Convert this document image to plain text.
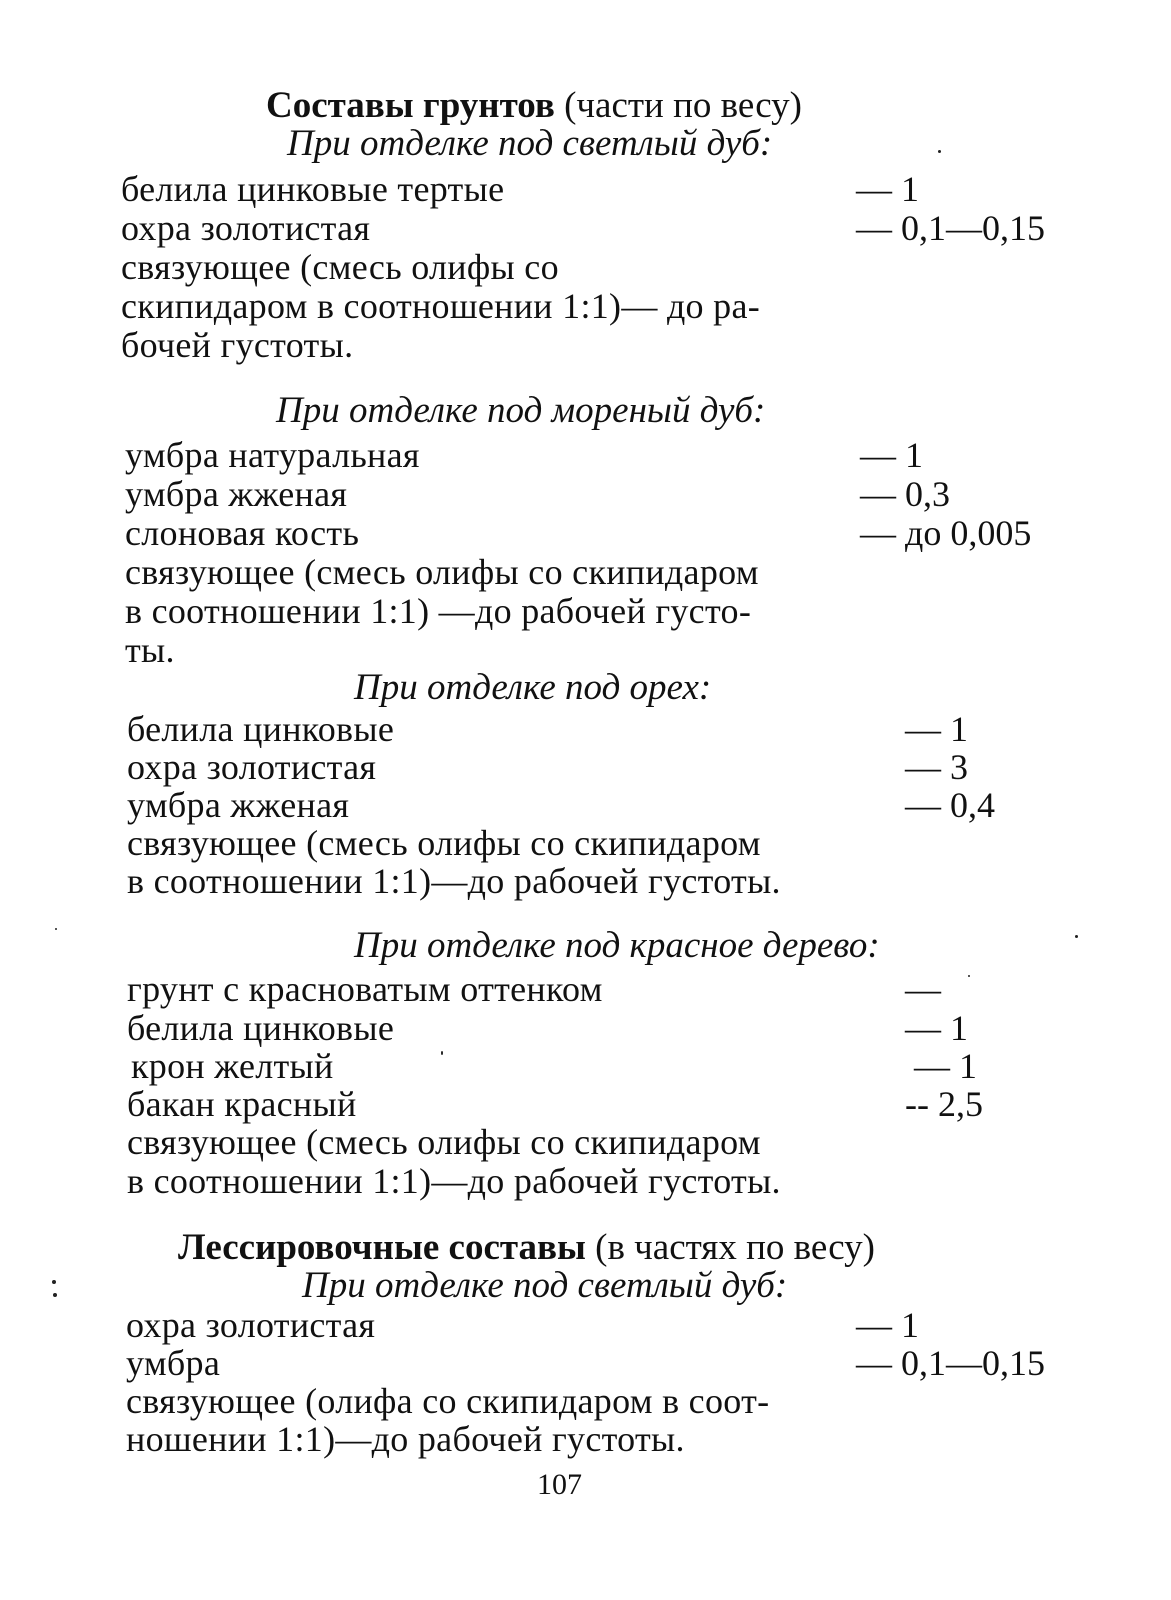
Составы грунтов (части по весу)
При отделке под светлый дуб:
белила цинковые тертые	— 1
охра золотистая	— 0,1—0,15
связующее (смесь олифы со
скипидаром в соотношении 1:1)— до ра-
бочей густоты.
При отделке под мореный дуб:
умбра натуральная	— 1
умбра жженая	— 0,3
слоновая кость	— до 0,005
связующее (смесь олифы со скипидаром
в соотношении 1:1) —до рабочей густо-
ты.
При отделке под орех:
белила цинковые	— 1
охра золотистая	— 3
умбра жженая	— 0,4
связующее (смесь олифы со скипидаром
в соотношении 1:1)—до рабочей густоты.
При отделке под красное дерево:
грунт с красноватым оттенком	—
белила цинковые	— 1
крон желтый	— 1
бакан красный	-- 2,5
связующее (смесь олифы со скипидаром
в соотношении 1:1)—до рабочей густоты.
Лессировочные составы (в частях по весу)
При отделке под светлый дуб:
охра золотистая	— 1
умбра	— 0,1—0,15
связующее (олифа со скипидаром в соот-
ношении 1:1)—до рабочей густоты.
107
